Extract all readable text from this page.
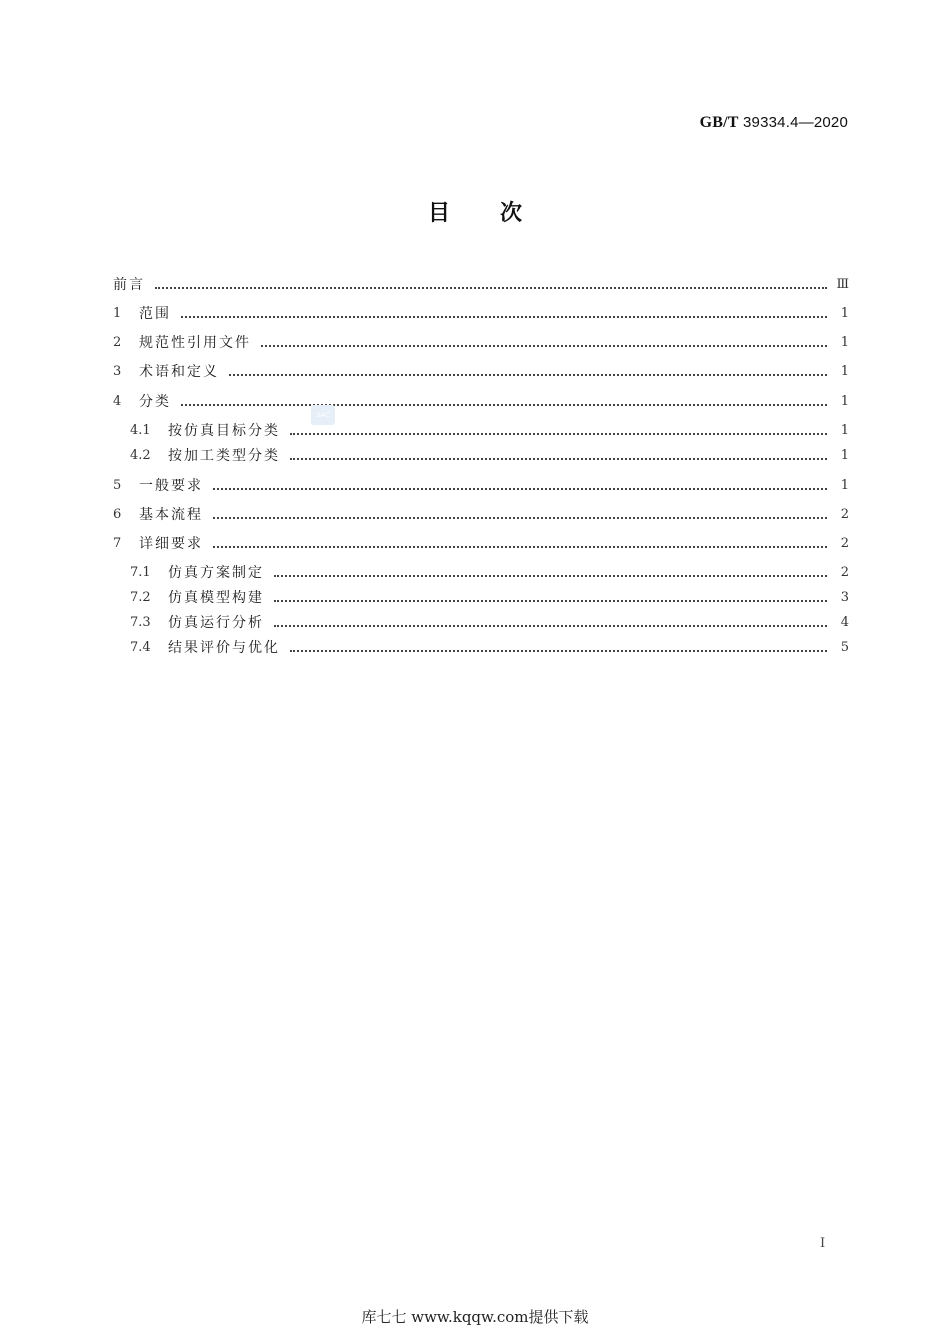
GB/T 39334.4—2020
目次
前言	Ⅲ
1	范围	1
2	规范性引用文件	1
3	术语和定义	1
4	分类	1
4.1	按仿真目标分类	1
4.2	按加工类型分类	1
5	一般要求	1
6	基本流程	2
7	详细要求	2
7.1	仿真方案制定	2
7.2	仿真模型构建	3
7.3	仿真运行分析	4
7.4	结果评价与优化	5
SAC
I
库七七 www.kqqw.com提供下载
